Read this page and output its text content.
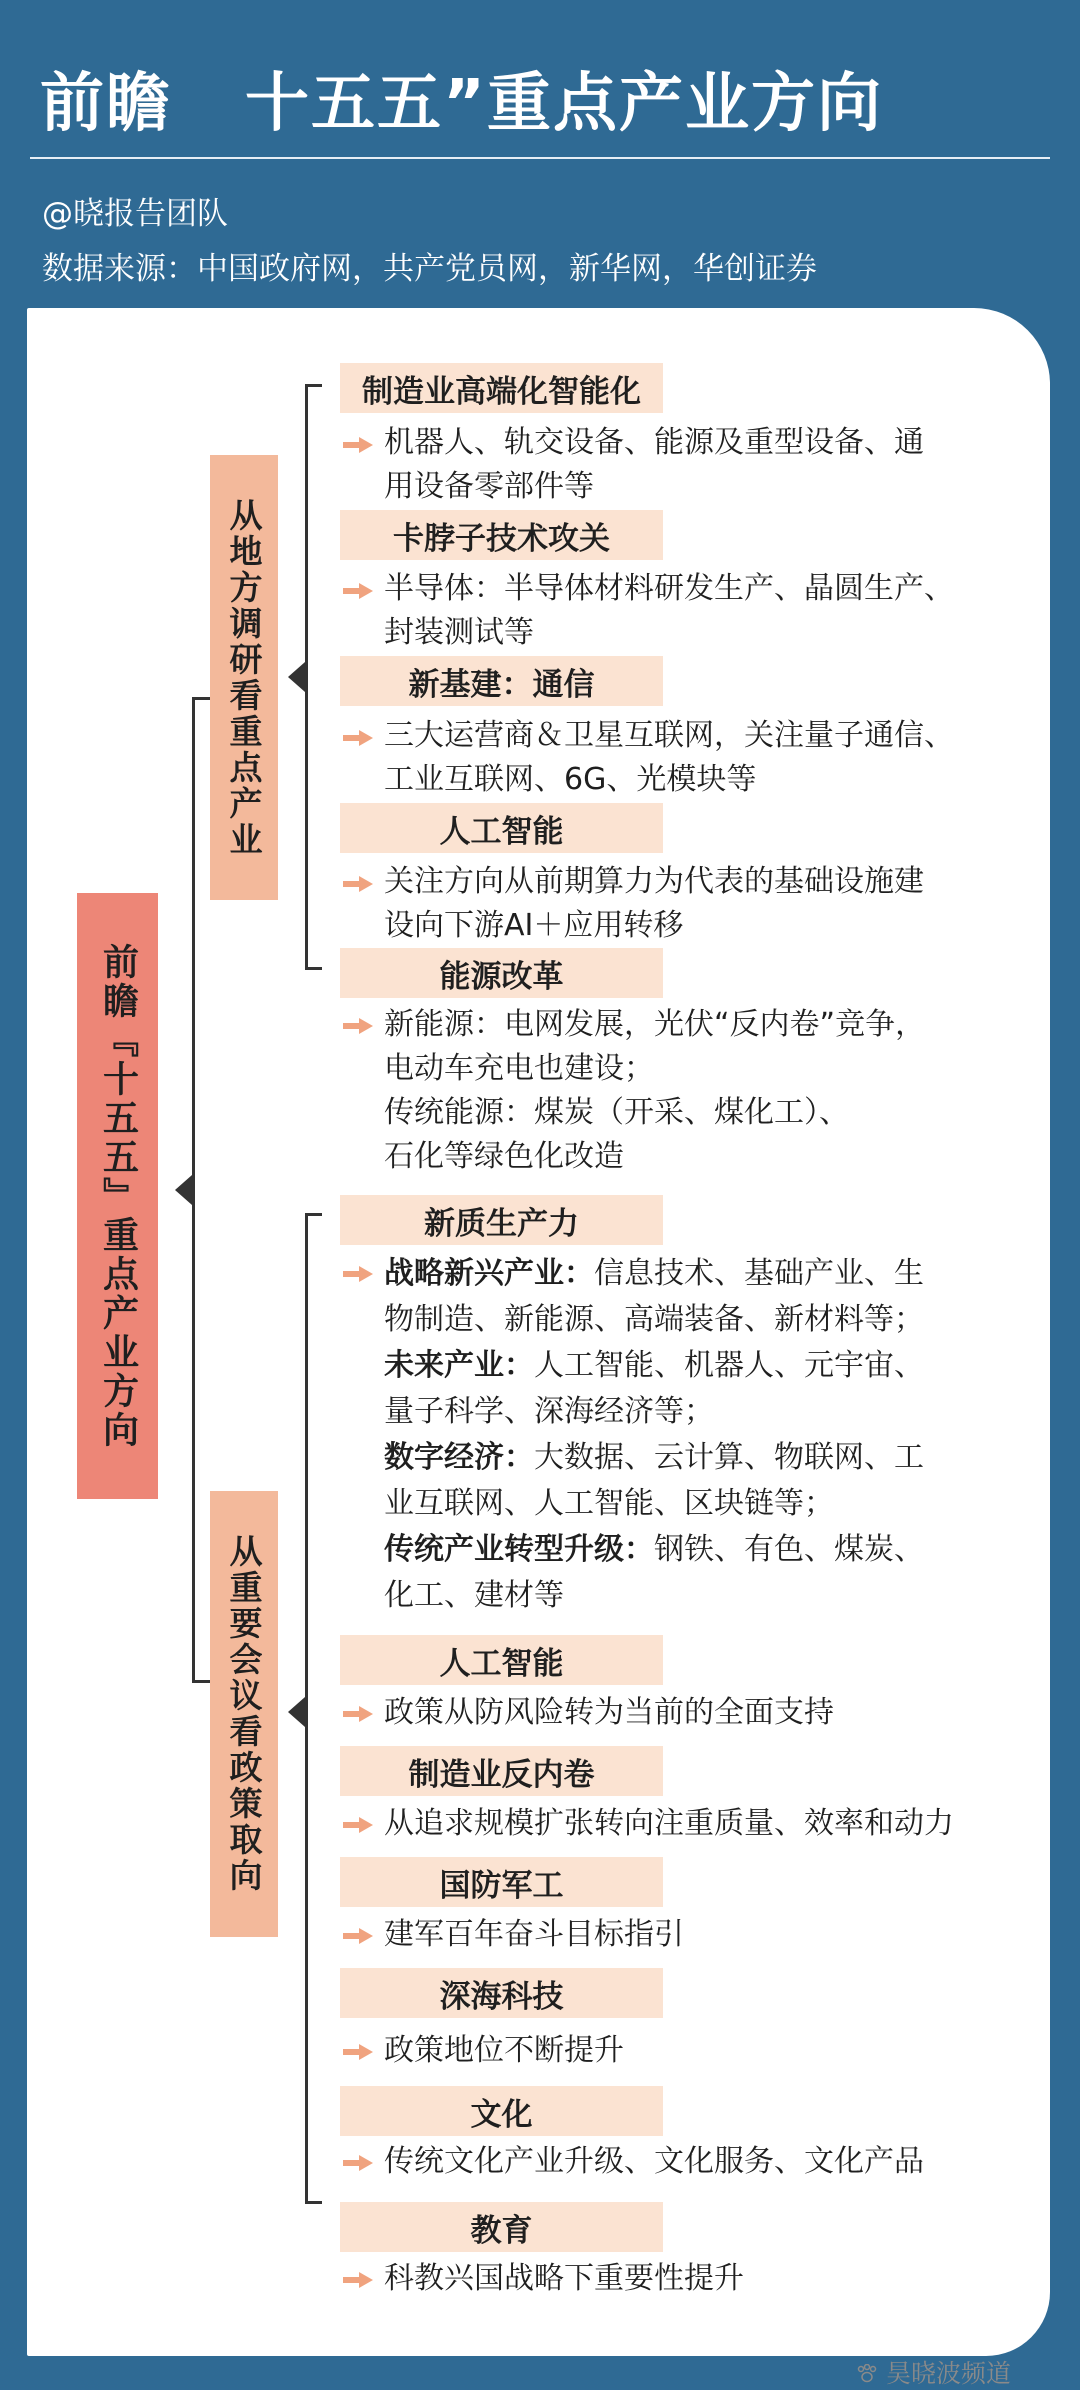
前瞻 十五五”重点产业方向
@晓报告团队
数据来源：中国政府网，共产党员网，新华网，华创证券
前瞻『十五五』重点产业方向
从地方调研看重点产业
从重要会议看政策取向
制造业高端化智能化
机器人、轨交设备、能源及重型设备、通
用设备零部件等
卡脖子技术攻关
半导体：半导体材料研发生产、晶圆生产、
封装测试等
新基建：通信
三大运营商＆卫星互联网，关注量子通信、
工业互联网、6G、光模块等
人工智能
关注方向从前期算力为代表的基础设施建
设向下游AI＋应用转移
能源改革
新能源：电网发展，光伏“反内卷”竞争，
电动车充电也建设；
传统能源：煤炭（开采、煤化工）、
石化等绿色化改造
新质生产力
战略新兴产业：信息技术、基础产业、生
物制造、新能源、高端装备、新材料等；
未来产业：人工智能、机器人、元宇宙、
量子科学、深海经济等；
数字经济：大数据、云计算、物联网、工
业互联网、人工智能、区块链等；
传统产业转型升级：钢铁、有色、煤炭、
化工、建材等
人工智能
政策从防风险转为当前的全面支持
制造业反内卷
从追求规模扩张转向注重质量、效率和动力
国防军工
建军百年奋斗目标指引
深海科技
政策地位不断提升
文化
传统文化产业升级、文化服务、文化产品
教育
科教兴国战略下重要性提升
昊晓波频道
